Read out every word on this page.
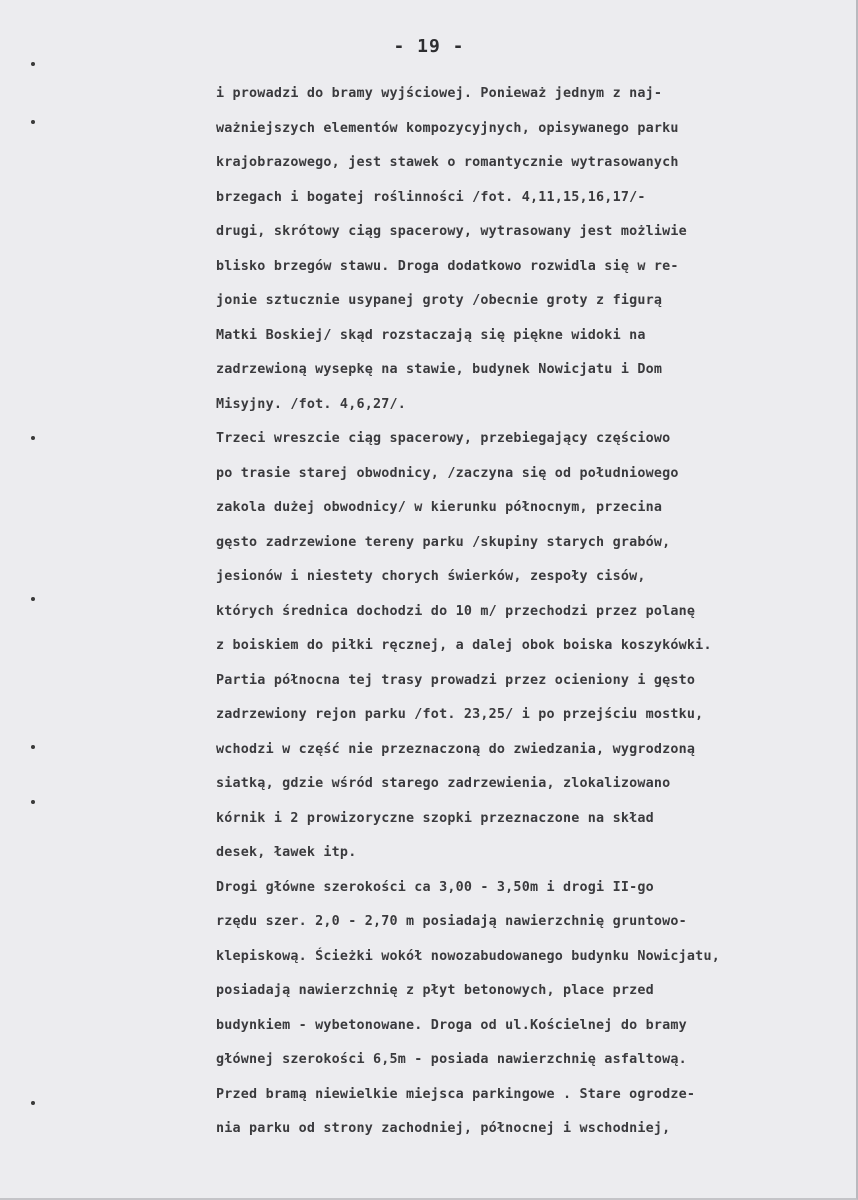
- 19 -
i prowadzi do bramy wyjściowej. Ponieważ jednym z naj-
ważniejszych elementów kompozycyjnych, opisywanego parku
krajobrazowego, jest stawek o romantycznie wytrasowanych
brzegach i bogatej roślinności /fot. 4,11,15,16,17/-
drugi, skrótowy ciąg spacerowy, wytrasowany jest możliwie
blisko brzegów stawu. Droga dodatkowo rozwidla się w re-
jonie sztucznie usypanej groty /obecnie groty z figurą
Matki Boskiej/ skąd rozstaczają się piękne widoki na
zadrzewioną wysepkę na stawie, budynek Nowicjatu i Dom
Misyjny. /fot. 4,6,27/.
Trzeci wreszcie ciąg spacerowy, przebiegający częściowo
po trasie starej obwodnicy, /zaczyna się od południowego
zakola dużej obwodnicy/ w kierunku północnym, przecina
gęsto zadrzewione tereny parku /skupiny starych grabów,
jesionów i niestety chorych świerków, zespoły cisów,
których średnica dochodzi do 10 m/ przechodzi przez polanę
z boiskiem do piłki ręcznej, a dalej obok boiska koszykówki.
Partia północna tej trasy prowadzi przez ocieniony i gęsto
zadrzewiony rejon parku /fot. 23,25/ i po przejściu mostku,
wchodzi w część nie przeznaczoną do zwiedzania, wygrodzoną
siatką, gdzie wśród starego zadrzewienia, zlokalizowano
kórnik i 2 prowizoryczne szopki przeznaczone na skład
desek, ławek itp.
Drogi główne szerokości ca 3,00 - 3,50m i drogi II-go
rzędu szer. 2,0 - 2,70 m posiadają nawierzchnię gruntowo-
klepiskową. Ścieżki wokół nowozabudowanego budynku Nowicjatu,
posiadają nawierzchnię z płyt betonowych, place przed
budynkiem - wybetonowane. Droga od ul.Kościelnej do bramy
głównej szerokości 6,5m - posiada nawierzchnię asfaltową.
Przed bramą niewielkie miejsca parkingowe . Stare ogrodze-
nia parku od strony zachodniej, północnej i wschodniej,
